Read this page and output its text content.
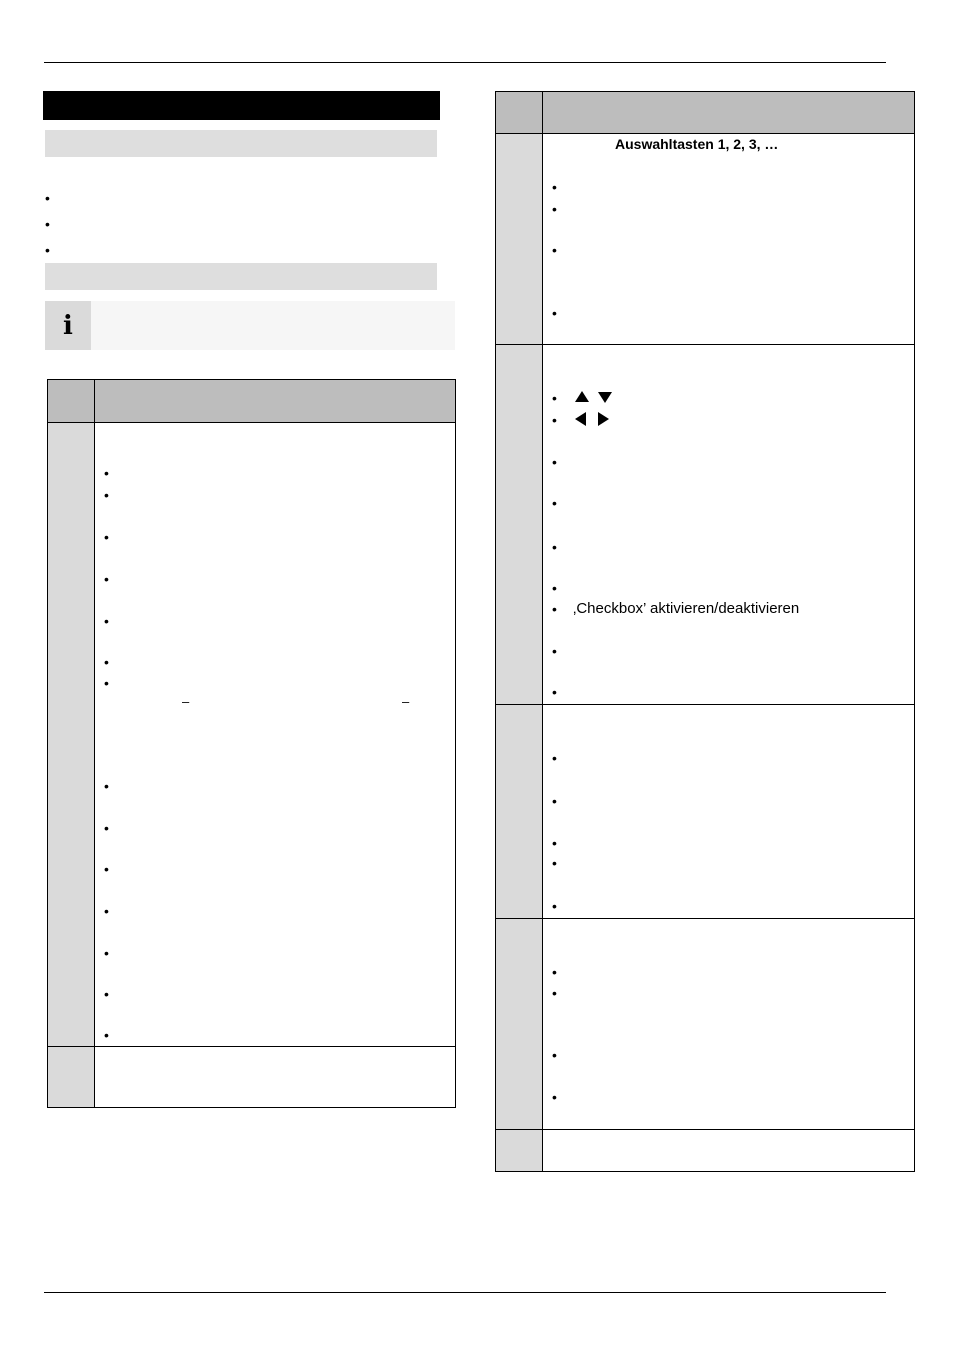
•
•
•
i
•
•
•
•
•
•
•
–	–
•
•
•
•
•
•
•
Auswahltasten 1, 2, 3, …
•
•
•
•
•
•
•
•
•
•
• ‚Checkbox’ aktivieren/deaktivieren
•
•
•
•
•
•
•
•
•
•
•
